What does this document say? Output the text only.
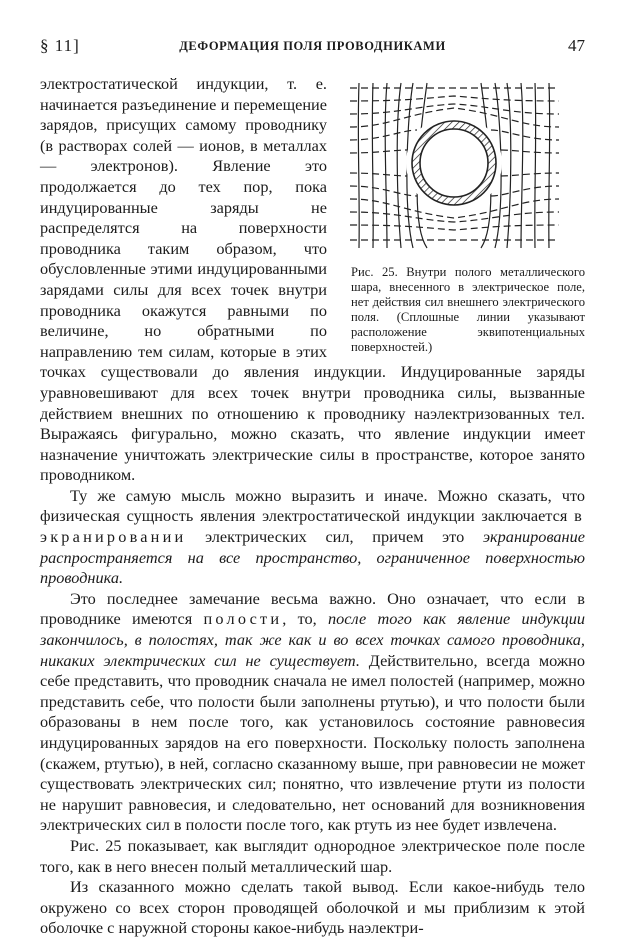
§ 11]	ДЕФОРМАЦИЯ ПОЛЯ ПРОВОДНИКАМИ	47
Рис. 25. Внутри полого металлического шара, внесенного в электрическое поле, нет действия сил внешнего электрического поля. (Сплошные линии указывают расположение эквипотенциальных поверхностей.)

электростатической индукции, т. е. начинается разъединение и перемещение зарядов, присущих самому проводнику (в растворах солей — ионов, в металлах — электронов). Явление это продолжается до тех пор, пока индуцированные заряды не распределятся на поверхности проводника таким образом, что обусловленные этими индуцированными зарядами силы для всех точек внутри проводника окажутся равными по величине, но обратными по направлению тем силам, которые в этих точках существовали до явления индукции. Индуцированные заряды уравновешивают для всех точек внутри проводника силы, вызванные действием внешних по отношению к проводнику наэлектризованных тел. Выражаясь фигурально, можно сказать, что явление индукции имеет назначение уничтожать электрические силы в пространстве, которое занято проводником.

Ту же самую мысль можно выразить и иначе. Можно сказать, что физическая сущность явления электростатической индукции заключается в экранировании электрических сил, причем это экранирование распространяется на все пространство, ограниченное поверхностью проводника.

Это последнее замечание весьма важно. Оно означает, что если в проводнике имеются полости, то, после того как явление индукции закончилось, в полостях, так же как и во всех точках самого проводника, никаких электрических сил не существует. Действительно, всегда можно себе представить, что проводник сначала не имел полостей (например, можно представить себе, что полости были заполнены ртутью), и что полости были образованы в нем после того, как установилось состояние равновесия индуцированных зарядов на его поверхности. Поскольку полость заполнена (скажем, ртутью), в ней, согласно сказанному выше, при равновесии не может существовать электрических сил; понятно, что извлечение ртути из полости не нарушит равновесия, и следовательно, нет оснований для возникновения электрических сил в полости после того, как ртуть из нее будет извлечена.

Рис. 25 показывает, как выглядит однородное электрическое поле после того, как в него внесен полый металлический шар.

Из сказанного можно сделать такой вывод. Если какое-нибудь тело окружено со всех сторон проводящей оболочкой и мы приблизим к этой оболочке с наружной стороны какое-нибудь наэлектри-
